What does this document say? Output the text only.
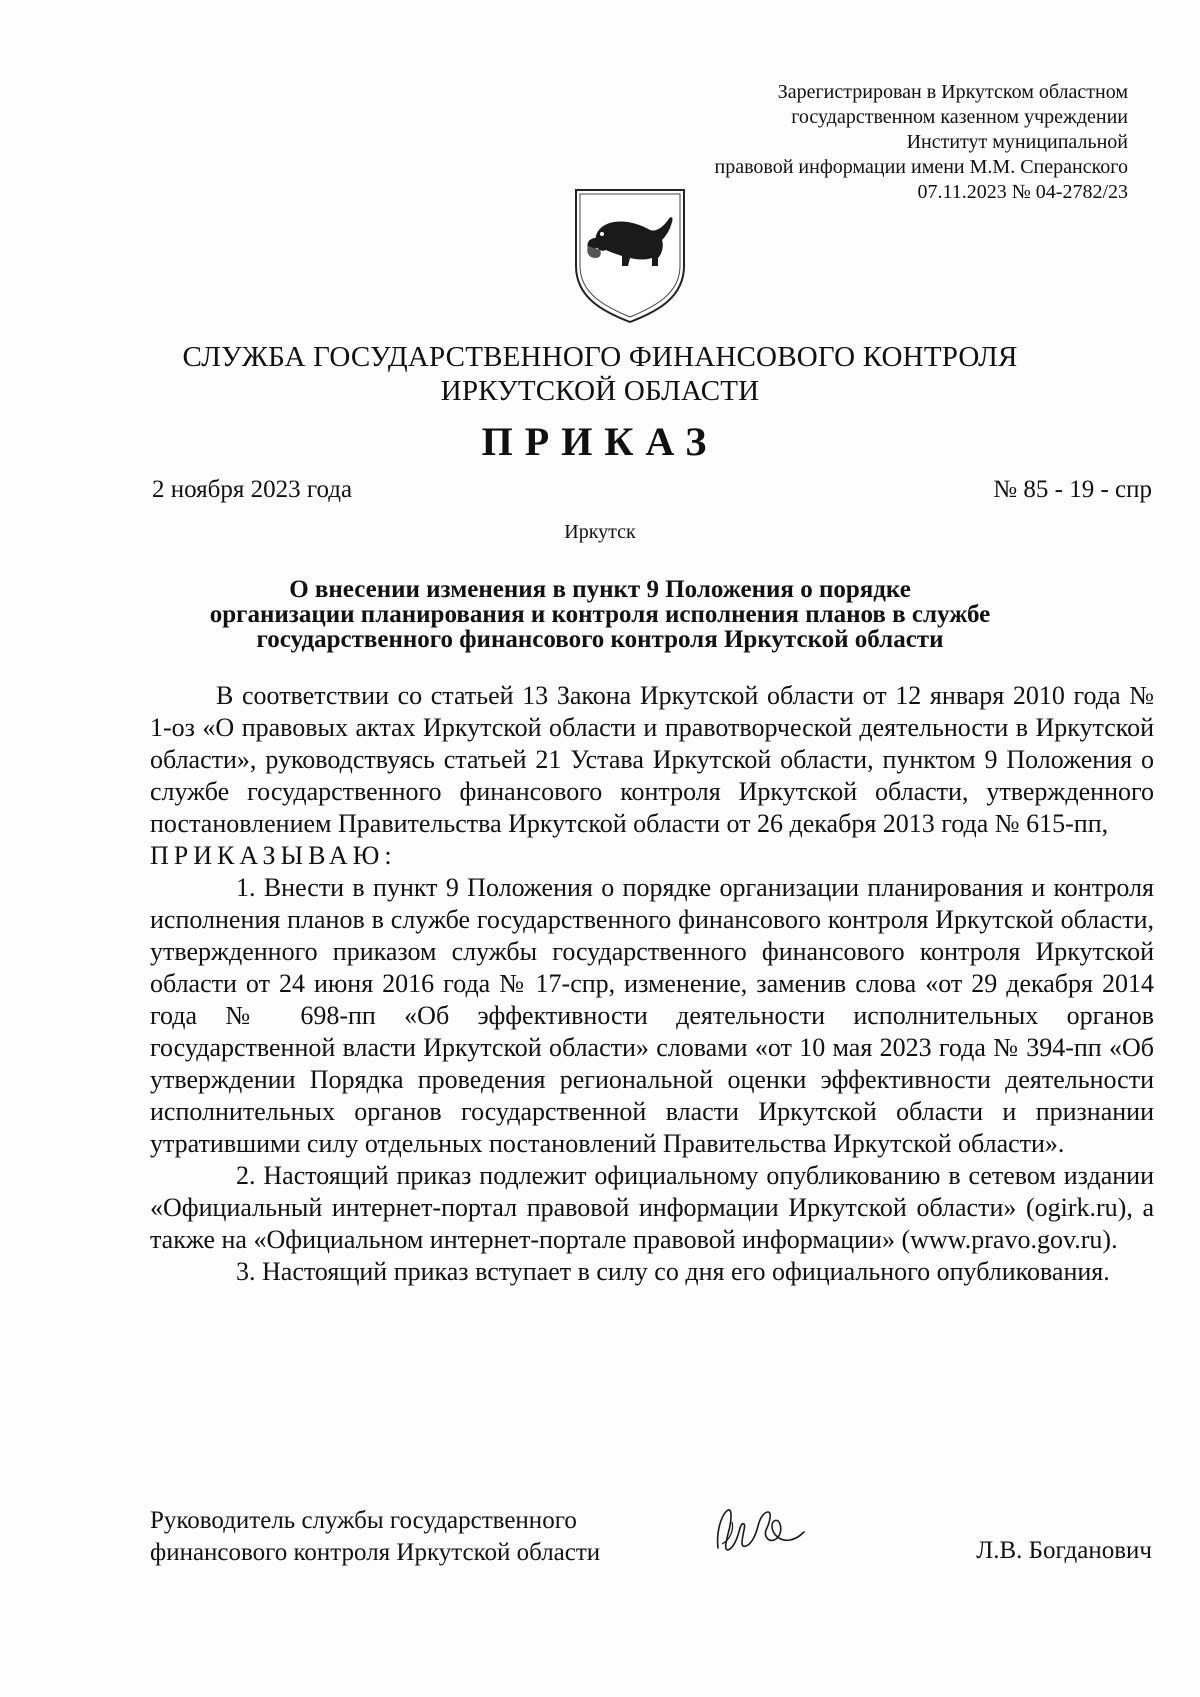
Зарегистрирован в Иркутском областном
государственном казенном учреждении
Институт муниципальной
правовой информации имени М.М. Сперанского
07.11.2023 № 04-2782/23
СЛУЖБА ГОСУДАРСТВЕННОГО ФИНАНСОВОГО КОНТРОЛЯ
ИРКУТСКОЙ ОБЛАСТИ
ПРИКАЗ
2 ноября 2023 года	№ 85 - 19 - спр
Иркутск
О внесении изменения в пункт 9 Положения о порядке
организации планирования и контроля исполнения планов в службе
государственного финансового контроля Иркутской области

В соответствии со статьей 13 Закона Иркутской области от 12 января 2010 года № 1-оз «О правовых актах Иркутской области и правотворческой деятельности в Иркутской области», руководствуясь статьей 21 Устава Иркутской области, пунктом 9 Положения о службе государственного финансового контроля Иркутской области, утвержденного постановлением Правительства Иркутской области от 26 декабря 2013 года № 615-пп,

ПРИКАЗЫВАЮ:

1. Внести в пункт 9 Положения о порядке организации планирования и контроля исполнения планов в службе государственного финансового контроля Иркутской области, утвержденного приказом службы государственного финансового контроля Иркутской области от 24 июня 2016 года № 17-спр, изменение, заменив слова «от 29 декабря 2014 года № 698-пп «Об эффективности деятельности исполнительных органов государственной власти Иркутской области» словами «от 10 мая 2023 года № 394-пп «Об утверждении Порядка проведения региональной оценки эффективности деятельности исполнительных органов государственной власти Иркутской области и признании утратившими силу отдельных постановлений Правительства Иркутской области».

2. Настоящий приказ подлежит официальному опубликованию в сетевом издании «Официальный интернет-портал правовой информации Иркутской области» (ogirk.ru), а также на «Официальном интернет-портале правовой информации» (www.pravo.gov.ru).

3. Настоящий приказ вступает в силу со дня его официального опубликования.

Руководитель службы государственного
финансового контроля Иркутской области	Л.В. Богданович
